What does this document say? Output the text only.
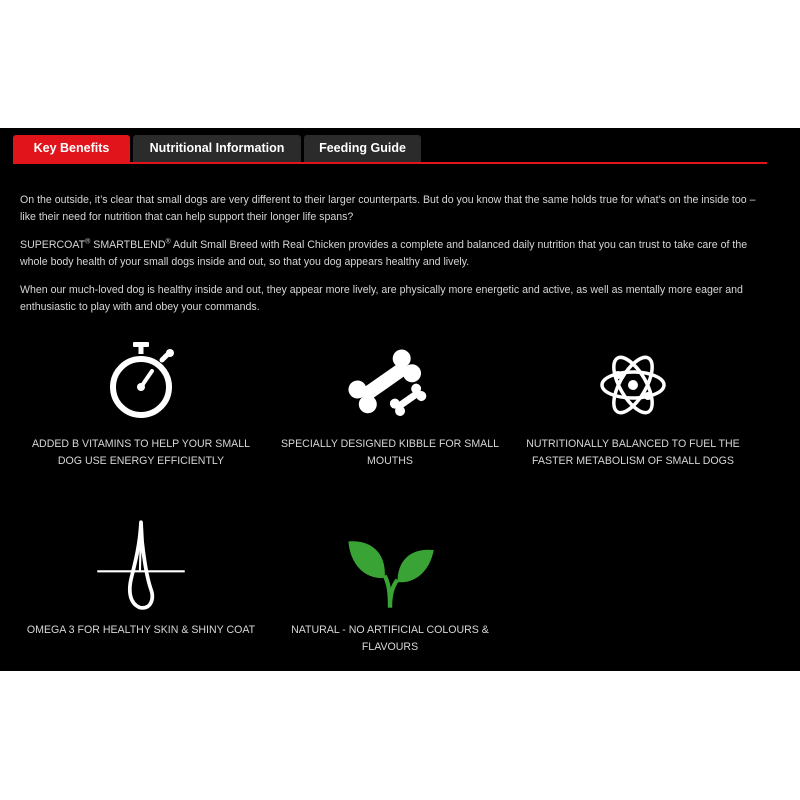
Key Benefits	Nutritional Information	Feeding Guide

On the outside, it’s clear that small dogs are very different to their larger counterparts. But do you know that the same holds true for what’s on the inside too – like their need for nutrition that can help support their longer life spans?

SUPERCOAT® SMARTBLEND® Adult Small Breed with Real Chicken provides a complete and balanced daily nutrition that you can trust to take care of the whole body health of your small dogs inside and out, so that you dog appears healthy and lively.

When our much-loved dog is healthy inside and out, they appear more lively, are physically more energetic and active, as well as mentally more eager and enthusiastic to play with and obey your commands.

ADDED B VITAMINS TO HELP YOUR SMALL DOG USE ENERGY EFFICIENTLY
SPECIALLY DESIGNED KIBBLE FOR SMALL MOUTHS
NUTRITIONALLY BALANCED TO FUEL THE FASTER METABOLISM OF SMALL DOGS
OMEGA 3 FOR HEALTHY SKIN & SHINY COAT	NATURAL - NO ARTIFICIAL COLOURS & FLAVOURS
